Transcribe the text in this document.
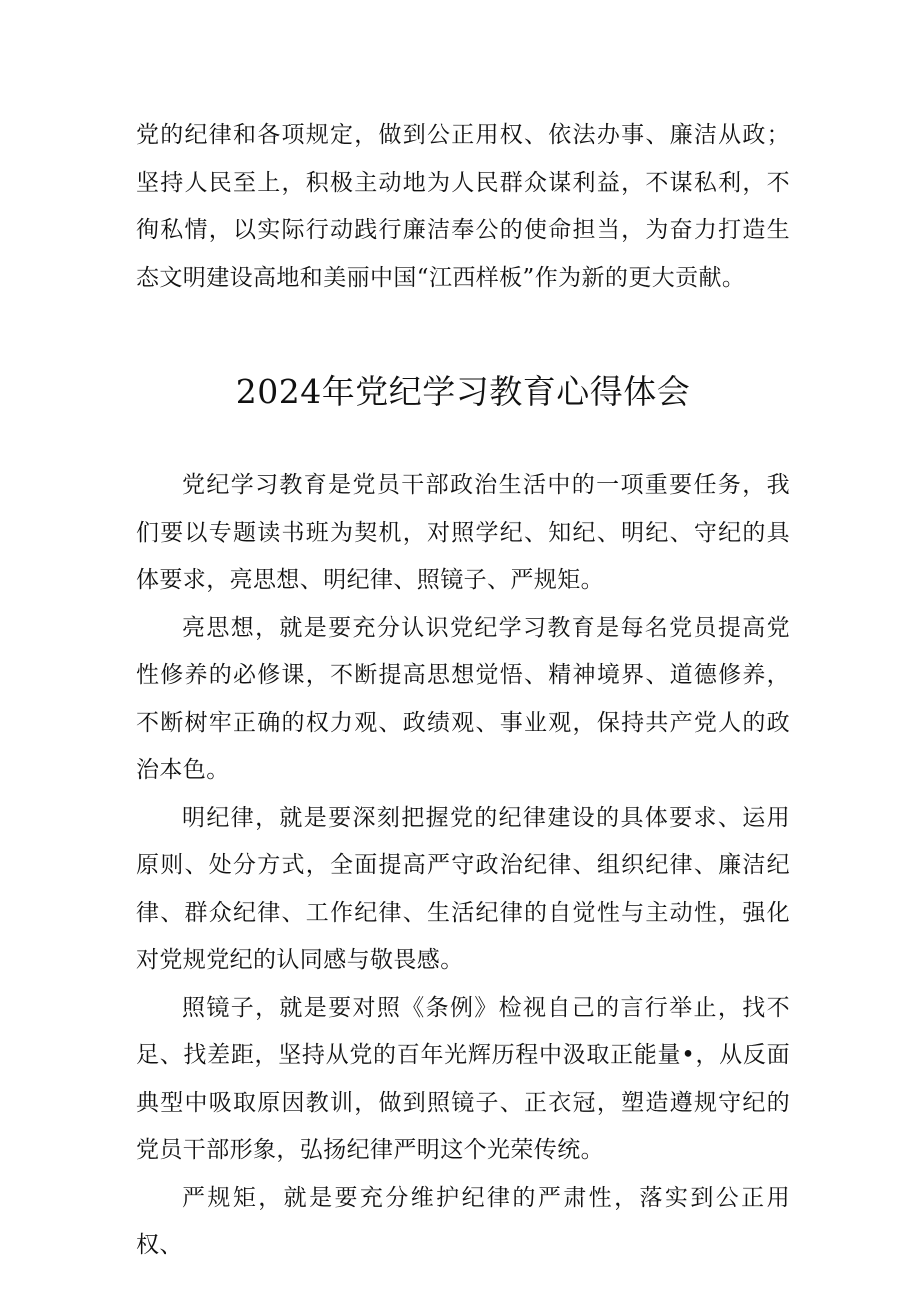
党的纪律和各项规定，做到公正用权、依法办事、廉洁从政；坚持人民至上，积极主动地为人民群众谋利益，不谋私利，不徇私情，以实际行动践行廉洁奉公的使命担当，为奋力打造生态文明建设高地和美丽中国“江西样板”作为新的更大贡献。

2024年党纪学习教育心得体会

党纪学习教育是党员干部政治生活中的一项重要任务，我们要以专题读书班为契机，对照学纪、知纪、明纪、守纪的具体要求，亮思想、明纪律、照镜子、严规矩。

亮思想，就是要充分认识党纪学习教育是每名党员提高党性修养的必修课，不断提高思想觉悟、精神境界、道德修养，不断树牢正确的权力观、政绩观、事业观，保持共产党人的政治本色。

明纪律，就是要深刻把握党的纪律建设的具体要求、运用原则、处分方式，全面提高严守政治纪律、组织纪律、廉洁纪律、群众纪律、工作纪律、生活纪律的自觉性与主动性，强化对党规党纪的认同感与敬畏感。

照镜子，就是要对照《条例》检视自己的言行举止，找不足、找差距，坚持从党的百年光辉历程中汲取正能量•，从反面典型中吸取原因教训，做到照镜子、正衣冠，塑造遵规守纪的党员干部形象，弘扬纪律严明这个光荣传统。

严规矩，就是要充分维护纪律的严肃性，落实到公正用权、
